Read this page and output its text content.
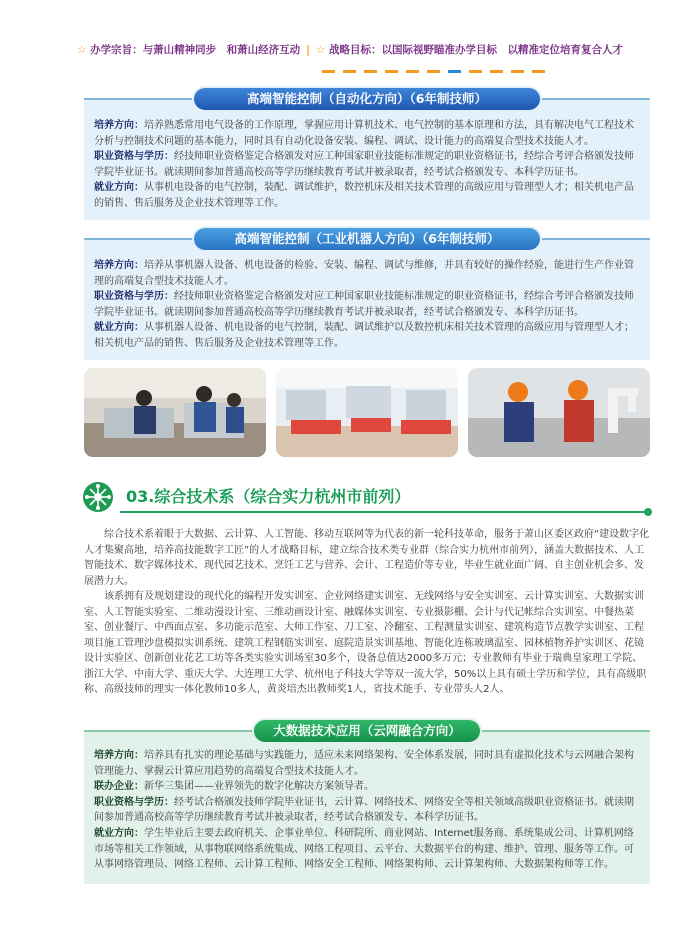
☆ 办学宗旨：与萧山精神同步　和萧山经济互动 | ☆ 战略目标：以国际视野瞄准办学目标　以精准定位培育复合人才
高端智能控制（自动化方向）（6年制技师）

培养方向：培养熟悉常用电气设备的工作原理，掌握应用计算机技术、电气控制的基本原理和方法，具有解决电气工程技术分析与控制技术问题的基本能力，同时具有自动化设备安装、编程、调试、设计能力的高端复合型技术技能人才。

职业资格与学历：经技师职业资格鉴定合格颁发对应工种国家职业技能标准规定的职业资格证书，经综合考评合格颁发技师学院毕业证书。就读期间参加普通高校高等学历继续教育考试并被录取者，经考试合格颁发专、本科学历证书。

就业方向：从事机电设备的电气控制，装配、调试维护，数控机床及相关技术管理的高级应用与管理型人才；相关机电产品的销售、售后服务及企业技术管理等工作。

高端智能控制（工业机器人方向）（6年制技师）

培养方向：培养从事机器人设备、机电设备的检验、安装、编程、调试与维修，并具有较好的操作经验，能进行生产作业管理的高端复合型技术技能人才。

职业资格与学历：经技师职业资格鉴定合格颁发对应工种国家职业技能标准规定的职业资格证书，经综合考评合格颁发技师学院毕业证书。就读期间参加普通高校高等学历继续教育考试并被录取者，经考试合格颁发专、本科学历证书。

就业方向：从事机器人设备、机电设备的电气控制，装配、调试维护以及数控机床相关技术管理的高级应用与管理型人才；相关机电产品的销售、售后服务及企业技术管理等工作。

03.综合技术系（综合实力杭州市前列）

综合技术系着眼于大数据、云计算、人工智能、移动互联网等为代表的新一轮科技革命，服务于萧山区委区政府“建设数字化人才集聚高地，培养高技能数字工匠”的人才战略目标，建立综合技术类专业群（综合实力杭州市前列），涵盖大数据技术、人工智能技术、数字媒体技术、现代园艺技术、烹饪工艺与营养、会计、工程造价等专业，毕业生就业面广阔、自主创业机会多、发展潜力大。

该系拥有及规划建设的现代化的编程开发实训室、企业网络建实训室、无线网络与安全实训室、云计算实训室、大数据实训室、人工智能实验室、二维动漫设计室、三维动画设计室、融媒体实训室、专业摄影棚、会计与代记帐综合实训室、中餐热菜室、创业餐厅、中西面点室、多功能示范室、大师工作室、刀工室、冷翻室、工程测量实训室、建筑构造节点教学实训室、工程项目施工管理沙盘模拟实训系统、建筑工程钢筋实训室、庭院造景实训基地、智能化连栋玻璃温室、园林植物养护实训区、花镜设计实验区、创新创业花艺工坊等各类实验实训场室30多个，设备总值达2000多万元；专业教师有毕业于瑞典皇家理工学院、浙江大学、中南大学、重庆大学、大连理工大学、杭州电子科技大学等双一流大学，50%以上具有硕士学历和学位，具有高级职称、高级技师的理实一体化教师10多人，黄炎培杰出教师奖1人，省技术能手、专业带头人2人。

大数据技术应用（云网融合方向）

培养方向：培养具有扎实的理论基础与实践能力，适应未来网络架构、安全体系发展，同时具有虚拟化技术与云网融合架构管理能力、掌握云计算应用趋势的高端复合型技术技能人才。

联办企业：新华三集团——业界领先的数字化解决方案领导者。

职业资格与学历：经考试合格颁发技师学院毕业证书，云计算、网络技术、网络安全等相关领域高级职业资格证书。就读期间参加普通高校高等学历继续教育考试并被录取者，经考试合格颁发专、本科学历证书。

就业方向：学生毕业后主要去政府机关、企事业单位、科研院所、商业网站、Internet服务商、系统集成公司、计算机网络市场等相关工作领域，从事物联网络系统集成、网络工程项目、云平台、大数据平台的构建、维护、管理、服务等工作。可从事网络管理员、网络工程师、云计算工程师、网络安全工程师、网络架构师、云计算架构师、大数据架构师等工作。
